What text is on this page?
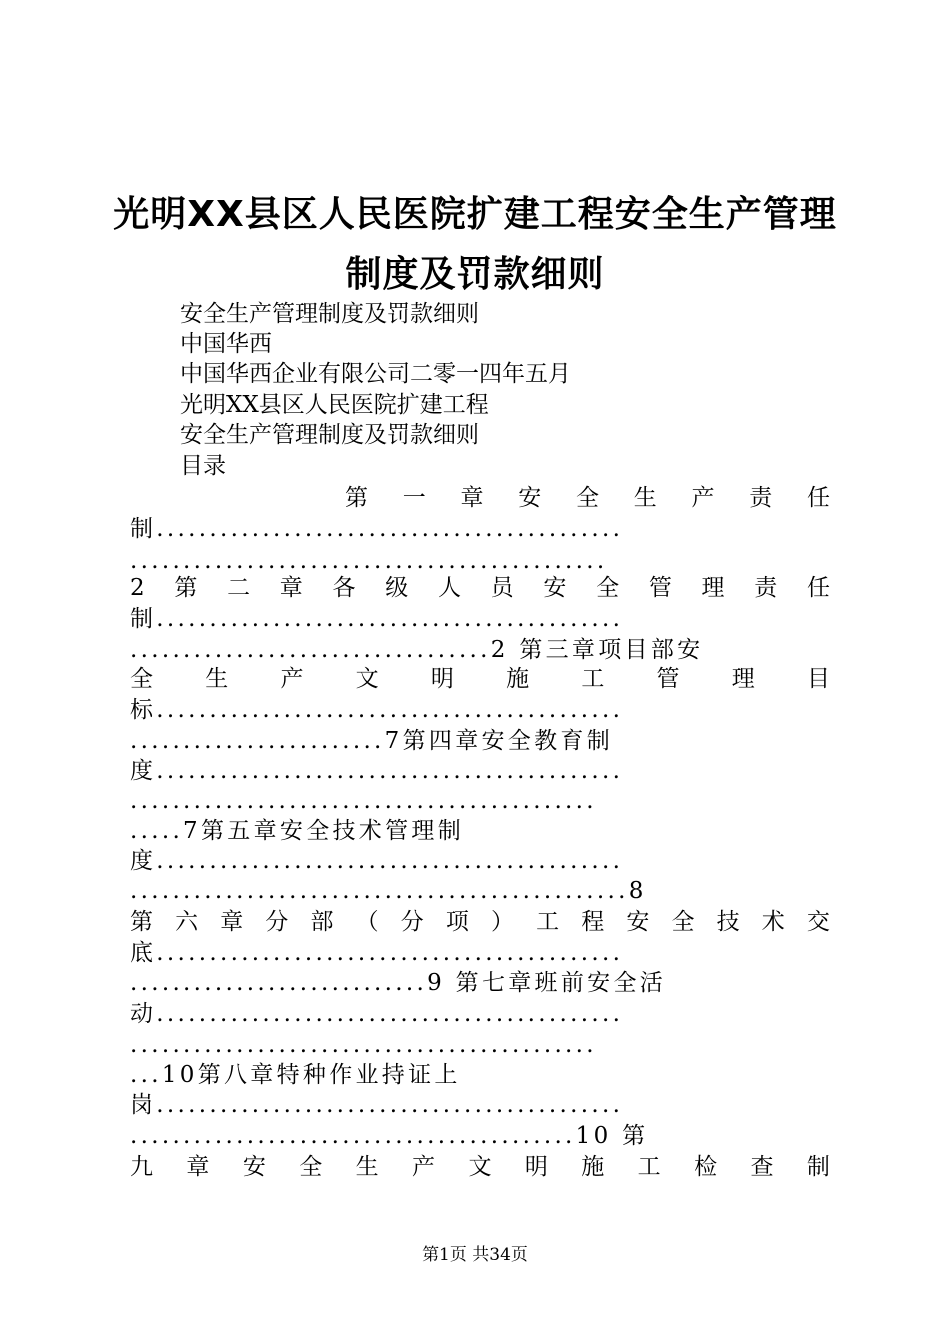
光明XX县区人民医院扩建工程安全生产管理
制度及罚款细则
安全生产管理制度及罚款细则
中国华西
中国华西企业有限公司二零一四年五月
光明XX县区人民医院扩建工程
安全生产管理制度及罚款细则
目录
第 一 章 安 全 生 产 责 任
制............................................
.............................................
2 第 二 章 各 级 人 员 安 全 管 理 责 任
制............................................
..................................2 第三章项目部安
全 生 产 文 明 施 工 管 理 目
标............................................
........................7第四章安全教育制
度............................................
............................................
.....7第五章安全技术管理制
度............................................
...............................................8
第 六 章 分 部 （ 分 项 ） 工 程 安 全 技 术 交
底............................................
............................9 第七章班前安全活
动............................................
............................................
...10第八章特种作业持证上
岗............................................
..........................................10 第
九 章 安 全 生 产 文 明 施 工 检 查 制
第1页 共34页
